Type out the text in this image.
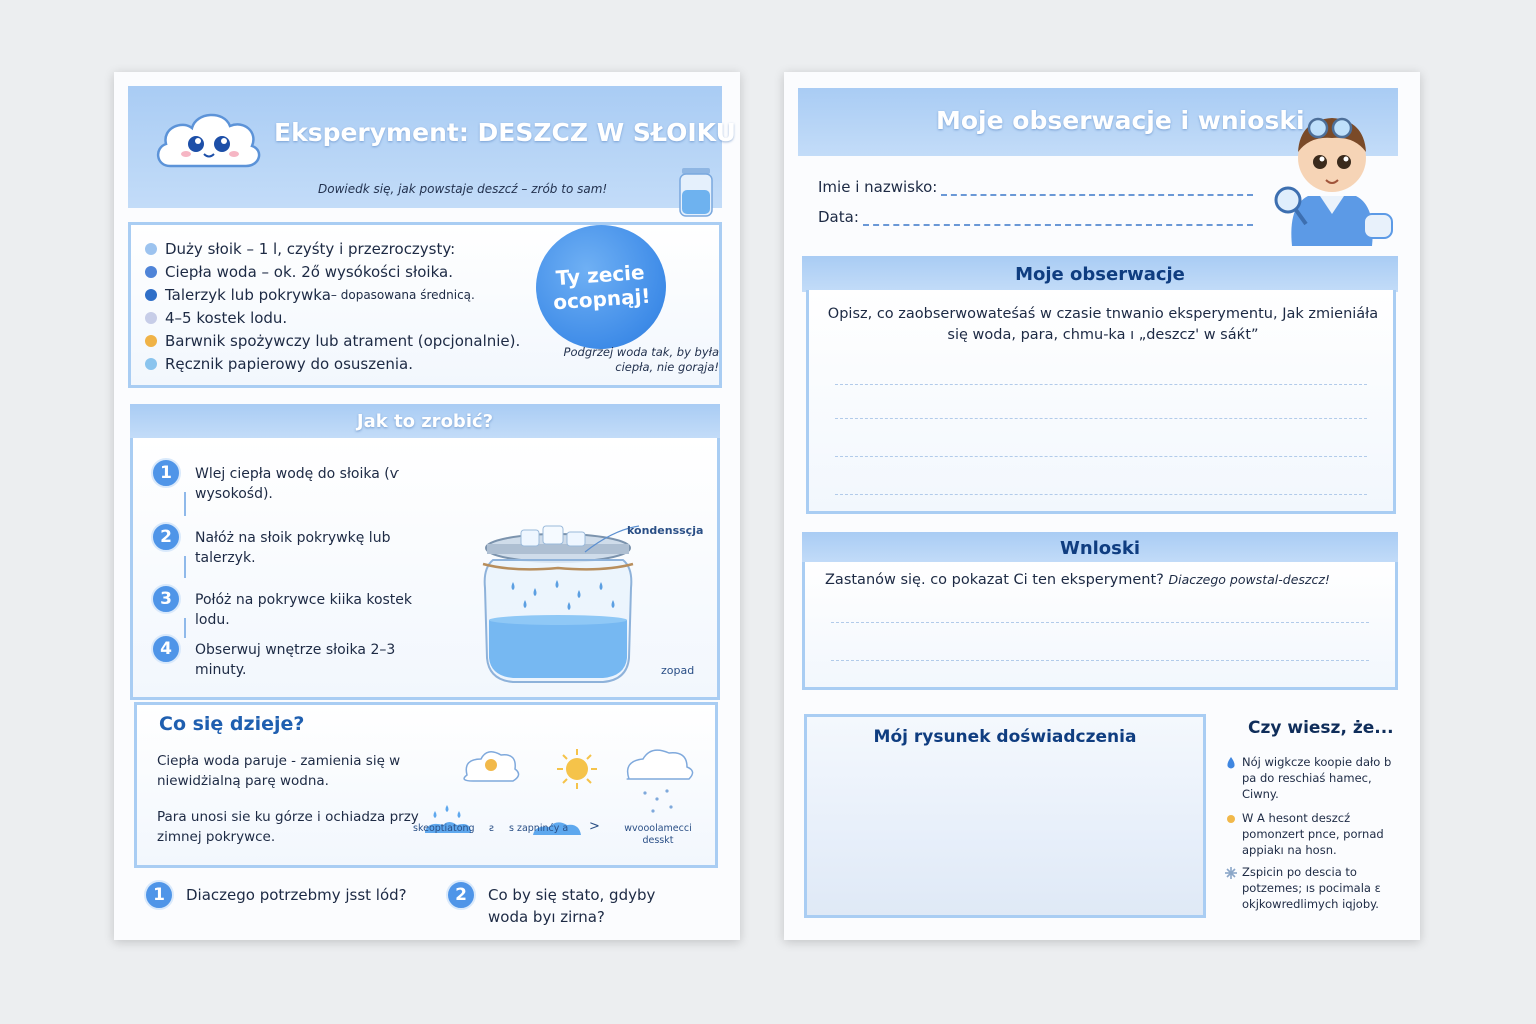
Eksperyment: DESZCZ W SŁOIKU
Dowiedk się, jak powstaje deszcź – zrób to sam!
Duży słoik – 1 l, czyśty i przezroczysty:
Ciepła woda – ok. 2ő wysókości słoika.
Talerzyk lub pokrywka – dopasowana średnicą.
4–5 kostek lodu.
Barwnik spożywczy lub atrament (opcjonalnie).
Ręcznik papierowy do osuszenia.
Ty zecie ocopnąj!
Podgrzej woda tak, by była ciepła, nie gorąja!
Jak to zrobić?
1	Wlej ciepła wodę do słoika (ѵ wysokośd).
2	Nałóż na słoik pokrywkę lub talerzyk.
3	Połóż na pokrywce kiika kostek lodu.
4	Obserwuj wnętrze słoika 2–3 minuty.
kondenssçja
zopad
Co się dzieje?
Ciepła woda paruje - zamienia się w niewidżialną parę wodna.
Para unosi sie ku górze i ochiadza przy zimnej pokrywce.
skeoptiatong ƨ s zapninćy a >	wvooolamecci desskt
1	Diaczego potrzebmy jsst lód?	2	Co by się stato, gdyby woda byı zirna?
Moje obserwacje i wnioski
Imie i nazwisko:
Data:
Moje obserwacje
Opisz, co zaobserwowateśaś w czasie tnwanio eksperymentu, Jak zmieniáła się woda, para, chmu-ka ı „deszcz' w sáќt”
Wnloski
Zastanów się. co pokazat Ci ten eksperyment? Diaczego powstal-deszcz!
Mój rysunek doświadczenia	Czy wiesz, że...
Nój wigkcze koopie dało b pa do reschiaś hamec, Ciwny.
W A hesont deszcź pomonzert pnce, pornad appiakı na hosn.
Zspicin po descia to potzemes; ıs pocimala ε okjkowredlimych iqjoby.
